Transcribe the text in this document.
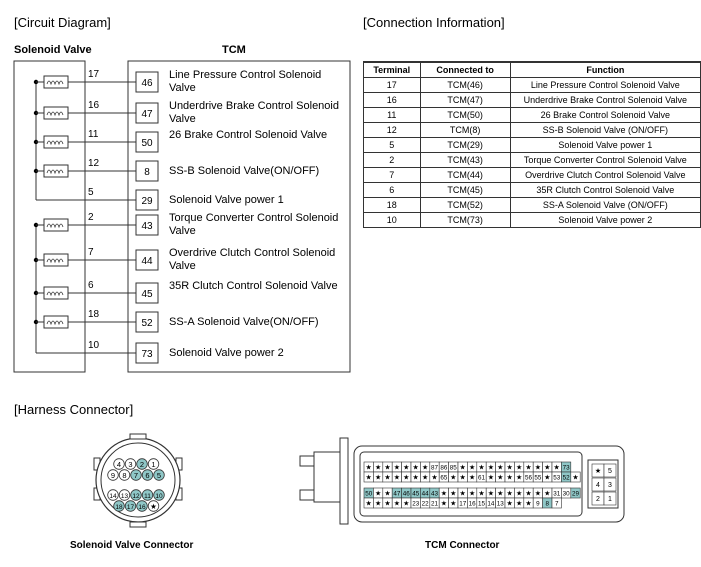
[Circuit Diagram]	[Connection Information]
[Harness Connector]
Solenoid Valve	TCM
46
17
47
16
50
11
8
12
29
5
43
2
44
7
45
6
52
18
73
10
Line Pressure Control Solenoid Valve
Underdrive Brake Control Solenoid Valve
26 Brake Control Solenoid Valve
SS-B Solenoid Valve(ON/OFF)
Solenoid Valve power 1
Torque Converter Control Solenoid Valve
Overdrive Clutch Control Solenoid Valve
35R Clutch Control Solenoid Valve
SS-A Solenoid Valve(ON/OFF)
Solenoid Valve power 2
Terminal	Connected to	Function
17	TCM(46)	Line Pressure Control Solenoid Valve
16	TCM(47)	Underdrive Brake Control Solenoid Valve
11	TCM(50)	26 Brake Control Solenoid Valve
12	TCM(8)	SS-B Solenoid Valve (ON/OFF)
5	TCM(29)	Solenoid Valve power 1
2	TCM(43)	Torque Converter Control Solenoid Valve
7	TCM(44)	Overdrive Clutch Control Solenoid Valve
6	TCM(45)	35R Clutch Control Solenoid Valve
18	TCM(52)	SS-A Solenoid Valve (ON/OFF)
10	TCM(73)	Solenoid Valve power 2
4 3 2 1
9 8 7 6 5
14 13 12 11 10
18 17 16 ★
Solenoid Valve Connector
★ ★ ★ ★ ★ ★ ★ 87 86 85 ★ ★ ★ ★ ★ ★ ★ ★ ★ ★ ★ 73
★ ★ ★ ★ ★ ★ ★ ★ 65 ★ ★ ★ 61 ★ ★ ★ ★ 56 55 ★ 53 52 ★
50 ★ ★ 47 46 45 44 43 ★ ★ ★ ★ ★ ★ ★ ★ ★ ★ ★ ★ 31 30 29
★ ★ ★ ★ ★ 23 22 21 ★ ★ 17 16 15 14 13 ★ ★ ★ 9 8 7
★ 5
4 3
2 1
TCM Connector
